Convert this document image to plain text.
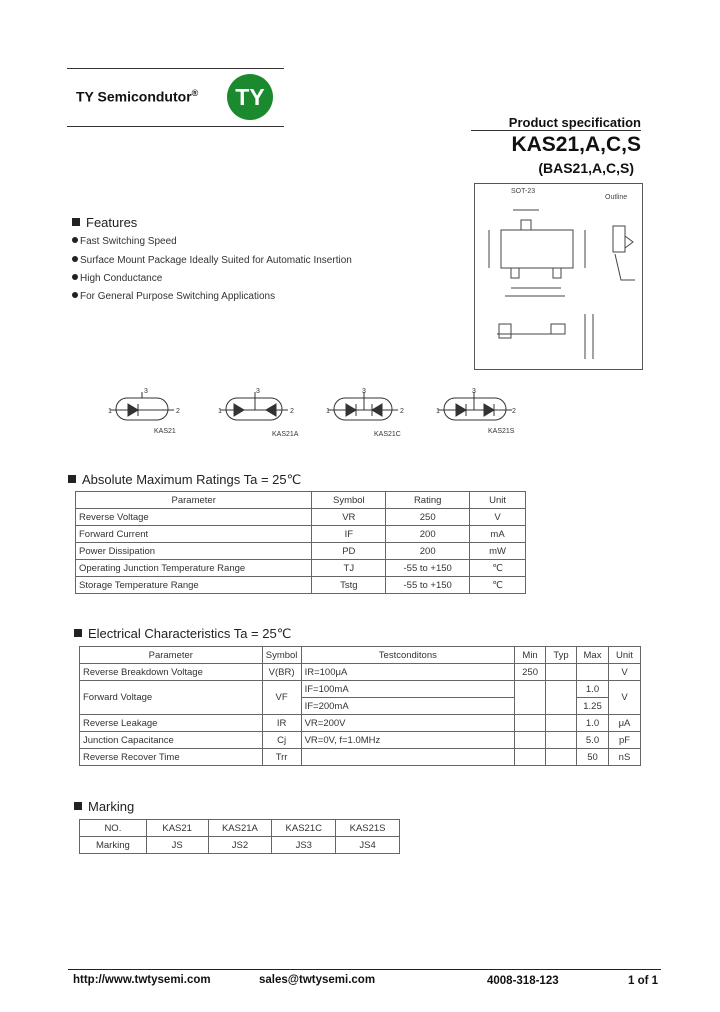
TY Semicondutor® TY
Product specification
KAS21,A,C,S
(BAS21,A,C,S)
Features
Fast Switching Speed
Surface Mount Package Ideally Suited for Automatic Insertion
High Conductance
For General Purpose Switching Applications
SOT-23
Outline
1	2
3
KAS21
1	2
3
KAS21A
1	2
3
KAS21C
1	2
3
KAS21S
Absolute Maximum Ratings Ta = 25℃
Parameter	Symbol	Rating	Unit
Reverse Voltage	VR	250	V
Forward Current	IF	200	mA
Power Dissipation	PD	200	mW
Operating Junction Temperature Range	TJ	-55 to +150	℃
Storage Temperature Range	Tstg	-55 to +150	℃
Electrical Characteristics Ta = 25℃
Parameter	Symbol	Testconditons	Min	Typ	Max	Unit
Reverse Breakdown Voltage	V(BR)	IR=100μA	250			V
Forward Voltage	VF	IF=100mA			1.0	V
		IF=200mA			1.25	
Reverse Leakage	IR	VR=200V			1.0	μA
Junction Capacitance	Cj	VR=0V, f=1.0MHz			5.0	pF
Reverse Recover Time	Trr				50	nS
Marking
NO.	KAS21	KAS21A	KAS21C	KAS21S
Marking	JS	JS2	JS3	JS4
http://www.twtysemi.com	sales@twtysemi.com	4008-318-123	1 of 1
